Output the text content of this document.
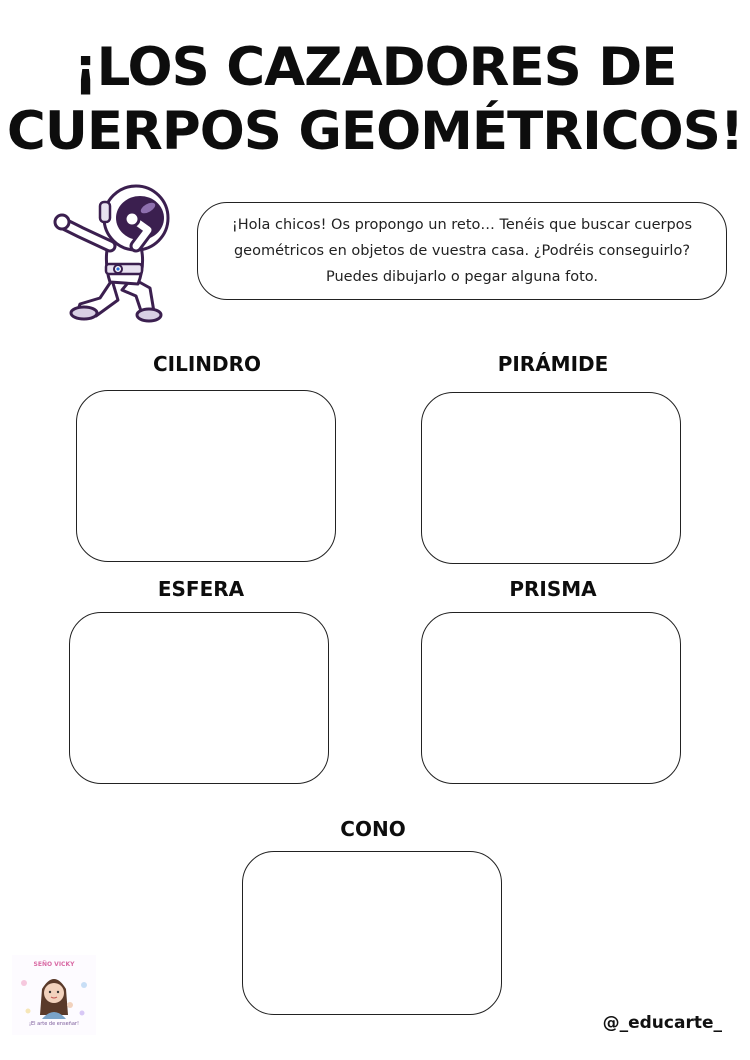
¡LOS CAZADORES DE
CUERPOS GEOMÉTRICOS!

¡Hola chicos! Os propongo un reto… Tenéis que buscar cuerpos geométricos en objetos de vuestra casa. ¿Podréis conseguirlo? Puedes dibujarlo o pegar alguna foto.

CILINDRO	PIRÁMIDE

ESFERA	PRISMA

CONO

SEÑO VICKY
¡El arte de enseñar!	@_educarte_
